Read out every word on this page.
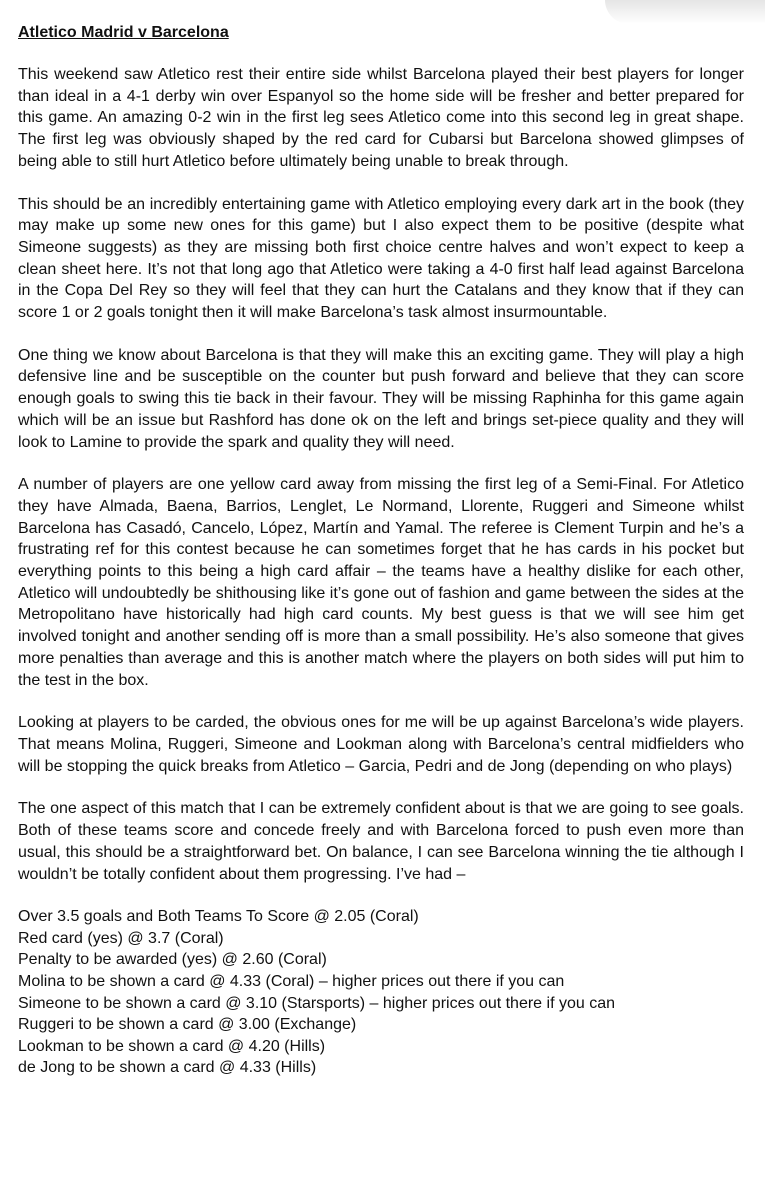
Atletico Madrid v Barcelona

This weekend saw Atletico rest their entire side whilst Barcelona played their best players for longer than ideal in a 4-1 derby win over Espanyol so the home side will be fresher and better prepared for this game. An amazing 0-2 win in the first leg sees Atletico come into this second leg in great shape. The first leg was obviously shaped by the red card for Cubarsi but Barcelona showed glimpses of being able to still hurt Atletico before ultimately being unable to break through.

This should be an incredibly entertaining game with Atletico employing every dark art in the book (they may make up some new ones for this game) but I also expect them to be positive (despite what Simeone suggests) as they are missing both first choice centre halves and won’t expect to keep a clean sheet here. It’s not that long ago that Atletico were taking a 4-0 first half lead against Barcelona in the Copa Del Rey so they will feel that they can hurt the Catalans and they know that if they can score 1 or 2 goals tonight then it will make Barcelona’s task almost insurmountable.

One thing we know about Barcelona is that they will make this an exciting game. They will play a high defensive line and be susceptible on the counter but push forward and believe that they can score enough goals to swing this tie back in their favour. They will be missing Raphinha for this game again which will be an issue but Rashford has done ok on the left and brings set-piece quality and they will look to Lamine to provide the spark and quality they will need.

A number of players are one yellow card away from missing the first leg of a Semi-Final. For Atletico they have Almada, Baena, Barrios, Lenglet, Le Normand, Llorente, Ruggeri and Simeone whilst Barcelona has Casadó, Cancelo, López, Martín and Yamal. The referee is Clement Turpin and he’s a frustrating ref for this contest because he can sometimes forget that he has cards in his pocket but everything points to this being a high card affair – the teams have a healthy dislike for each other, Atletico will undoubtedly be shithousing like it’s gone out of fashion and game between the sides at the Metropolitano have historically had high card counts. My best guess is that we will see him get involved tonight and another sending off is more than a small possibility. He’s also someone that gives more penalties than average and this is another match where the players on both sides will put him to the test in the box.

Looking at players to be carded, the obvious ones for me will be up against Barcelona’s wide players. That means Molina, Ruggeri, Simeone and Lookman along with Barcelona’s central midfielders who will be stopping the quick breaks from Atletico – Garcia, Pedri and de Jong (depending on who plays)

The one aspect of this match that I can be extremely confident about is that we are going to see goals. Both of these teams score and concede freely and with Barcelona forced to push even more than usual, this should be a straightforward bet. On balance, I can see Barcelona winning the tie although I wouldn’t be totally confident about them progressing. I’ve had –

Over 3.5 goals and Both Teams To Score @ 2.05 (Coral)
Red card (yes) @ 3.7 (Coral)
Penalty to be awarded (yes) @ 2.60 (Coral)
Molina to be shown a card @ 4.33 (Coral) – higher prices out there if you can
Simeone to be shown a card @ 3.10 (Starsports) – higher prices out there if you can
Ruggeri to be shown a card @ 3.00 (Exchange)
Lookman to be shown a card @ 4.20 (Hills)
de Jong to be shown a card @ 4.33 (Hills)
